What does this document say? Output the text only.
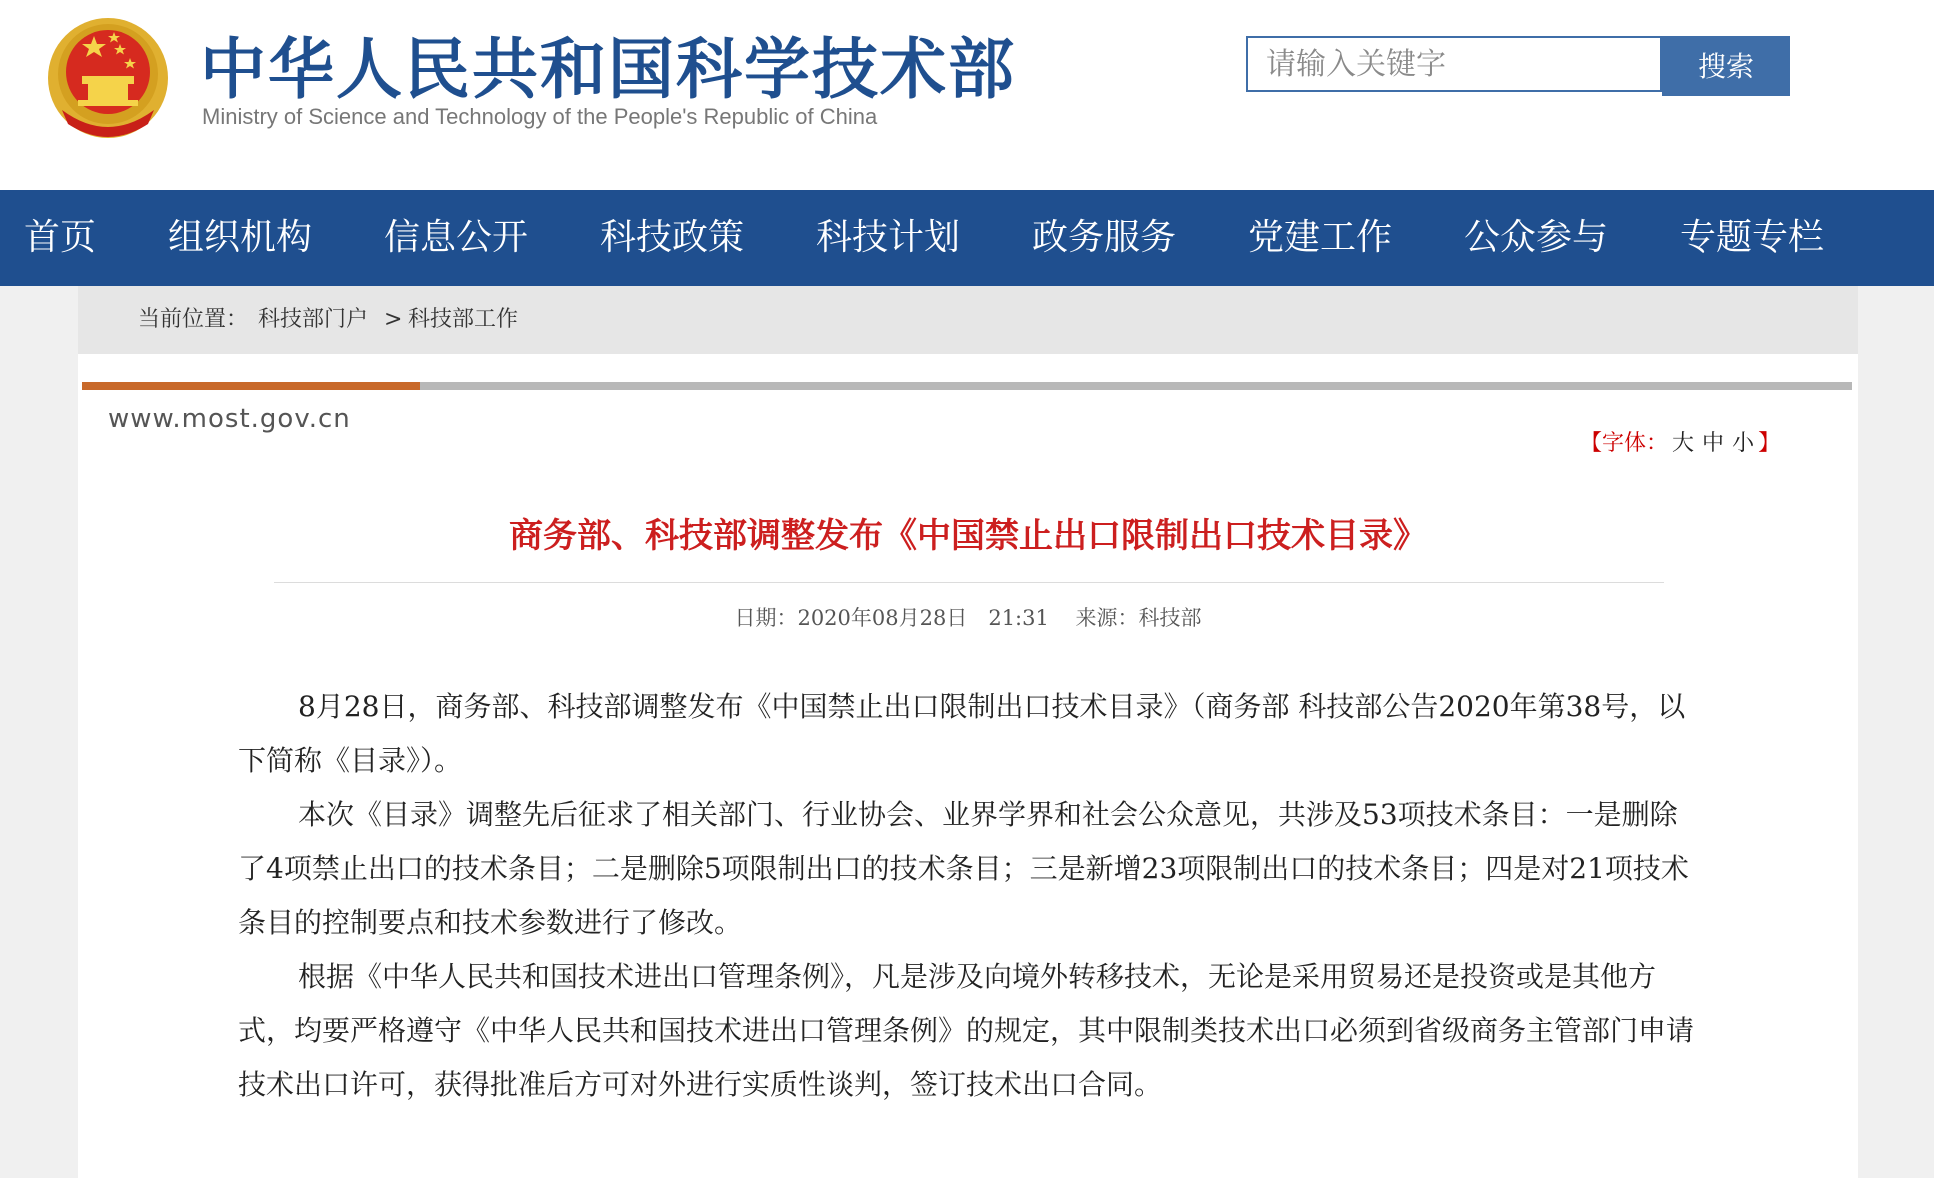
中华人民共和国科学技术部
Ministry of Science and Technology of the People's Republic of China
请输入关键字
搜索
首页 组织机构 信息公开 科技政策 科技计划 政务服务 党建工作 公众参与 专题专栏
当前位置： 科技部门户 > 科技部工作
www.most.gov.cn
【字体： 大 中 小 】
商务部、科技部调整发布《中国禁止出口限制出口技术目录》
日期：2020年08月28日　21:31 来源：科技部

8月28日，商务部、科技部调整发布《中国禁止出口限制出口技术目录》（商务部 科技部公告2020年第38号，以下简称《目录》）。

本次《目录》调整先后征求了相关部门、行业协会、业界学界和社会公众意见，共涉及53项技术条目：一是删除了4项禁止出口的技术条目；二是删除5项限制出口的技术条目；三是新增23项限制出口的技术条目；四是对21项技术条目的控制要点和技术参数进行了修改。

根据《中华人民共和国技术进出口管理条例》，凡是涉及向境外转移技术，无论是采用贸易还是投资或是其他方式，均要严格遵守《中华人民共和国技术进出口管理条例》的规定，其中限制类技术出口必须到省级商务主管部门申请技术出口许可，获得批准后方可对外进行实质性谈判，签订技术出口合同。
